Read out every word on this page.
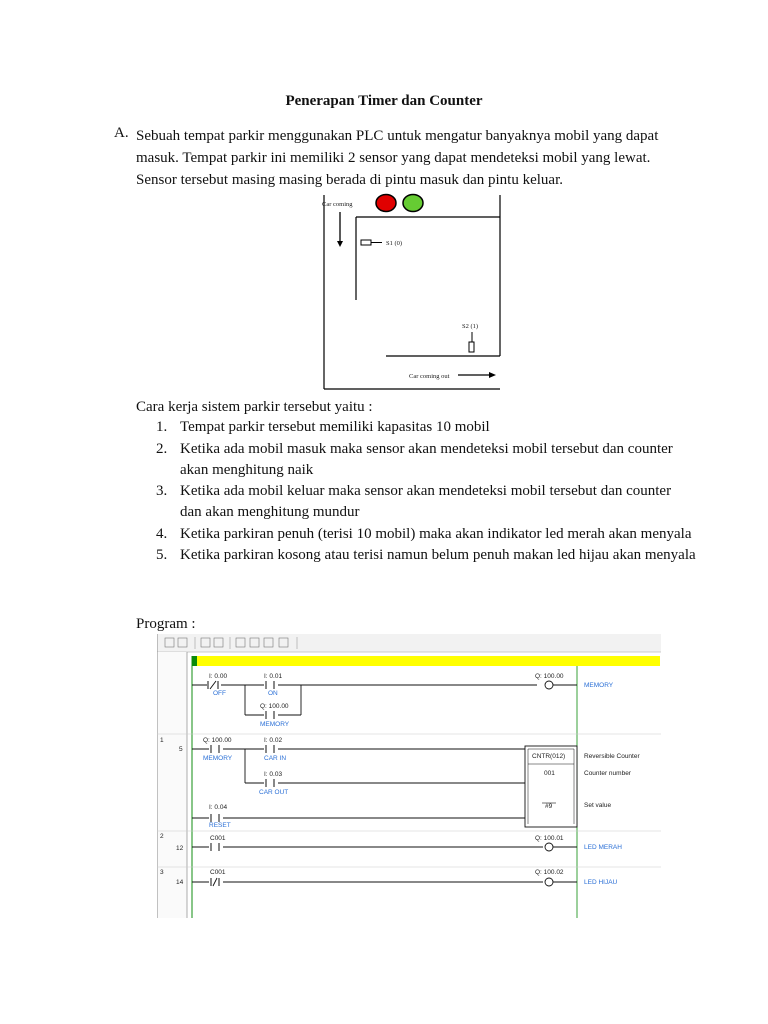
Penerapan Timer dan Counter
A. Sebuah tempat parkir menggunakan PLC untuk mengatur banyaknya mobil yang dapat
masuk. Tempat parkir ini memiliki 2 sensor yang dapat mendeteksi mobil yang lewat.
Sensor tersebut masing masing berada di pintu masuk dan pintu keluar.
Car coming
S1 (0)
S2 (1)
Car coming out
Cara kerja sistem parkir tersebut yaitu :
1. Tempat parkir tersebut memiliki kapasitas 10 mobil
2. Ketika ada mobil masuk maka sensor akan mendeteksi mobil tersebut dan counter akan menghitung naik
3. Ketika ada mobil keluar maka sensor akan mendeteksi mobil tersebut dan counter dan akan menghitung mundur
4. Ketika parkiran penuh (terisi 10 mobil) maka akan indikator led merah akan menyala
5. Ketika parkiran kosong atau terisi namun belum penuh makan led hijau akan menyala
Program :
I: 0.00
OFF
I: 0.01
ON
Q: 100.00
MEMORY
Q: 100.00
MEMORY
1
5
Q: 100.00
MEMORY
I: 0.02
CAR IN
I: 0.03
CAR OUT
I: 0.04
RESET
CNTR(012)
001
#9
Reversible Counter
Counter number
Set value
2
12
C001	Q: 100.01
LED MERAH
3
14
C001	Q: 100.02
LED HIJAU
